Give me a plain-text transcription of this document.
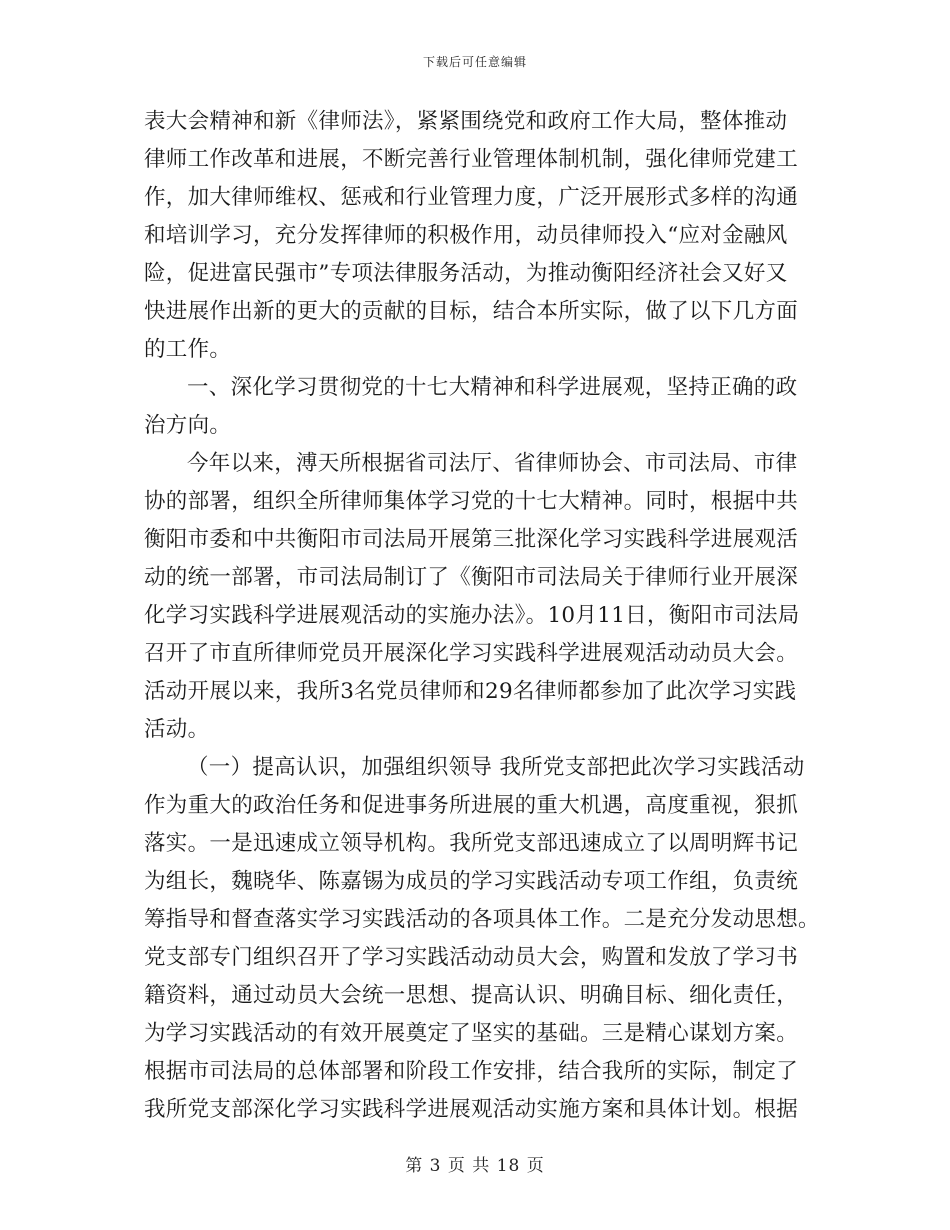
下载后可任意编辑
表大会精神和新《律师法》，紧紧围绕党和政府工作大局，整体推动
律师工作改革和进展，不断完善行业管理体制机制，强化律师党建工
作，加大律师维权、惩戒和行业管理力度，广泛开展形式多样的沟通
和培训学习，充分发挥律师的积极作用，动员律师投入“应对金融风
险，促进富民强市”专项法律服务活动，为推动衡阳经济社会又好又
快进展作出新的更大的贡献的目标，结合本所实际，做了以下几方面
的工作。
一、深化学习贯彻党的十七大精神和科学进展观，坚持正确的政
治方向。
今年以来，溥天所根据省司法厅、省律师协会、市司法局、市律
协的部署，组织全所律师集体学习党的十七大精神。同时，根据中共
衡阳市委和中共衡阳市司法局开展第三批深化学习实践科学进展观活
动的统一部署，市司法局制订了《衡阳市司法局关于律师行业开展深
化学习实践科学进展观活动的实施办法》。10月11日，衡阳市司法局
召开了市直所律师党员开展深化学习实践科学进展观活动动员大会。
活动开展以来，我所3名党员律师和29名律师都参加了此次学习实践
活动。
（一）提高认识，加强组织领导 我所党支部把此次学习实践活动
作为重大的政治任务和促进事务所进展的重大机遇，高度重视，狠抓
落实。一是迅速成立领导机构。我所党支部迅速成立了以周明辉书记
为组长，魏晓华、陈嘉锡为成员的学习实践活动专项工作组，负责统
筹指导和督查落实学习实践活动的各项具体工作。二是充分发动思想。
党支部专门组织召开了学习实践活动动员大会，购置和发放了学习书
籍资料，通过动员大会统一思想、提高认识、明确目标、细化责任，
为学习实践活动的有效开展奠定了坚实的基础。三是精心谋划方案。
根据市司法局的总体部署和阶段工作安排，结合我所的实际，制定了
我所党支部深化学习实践科学进展观活动实施方案和具体计划。根据
第 3 页 共 18 页
